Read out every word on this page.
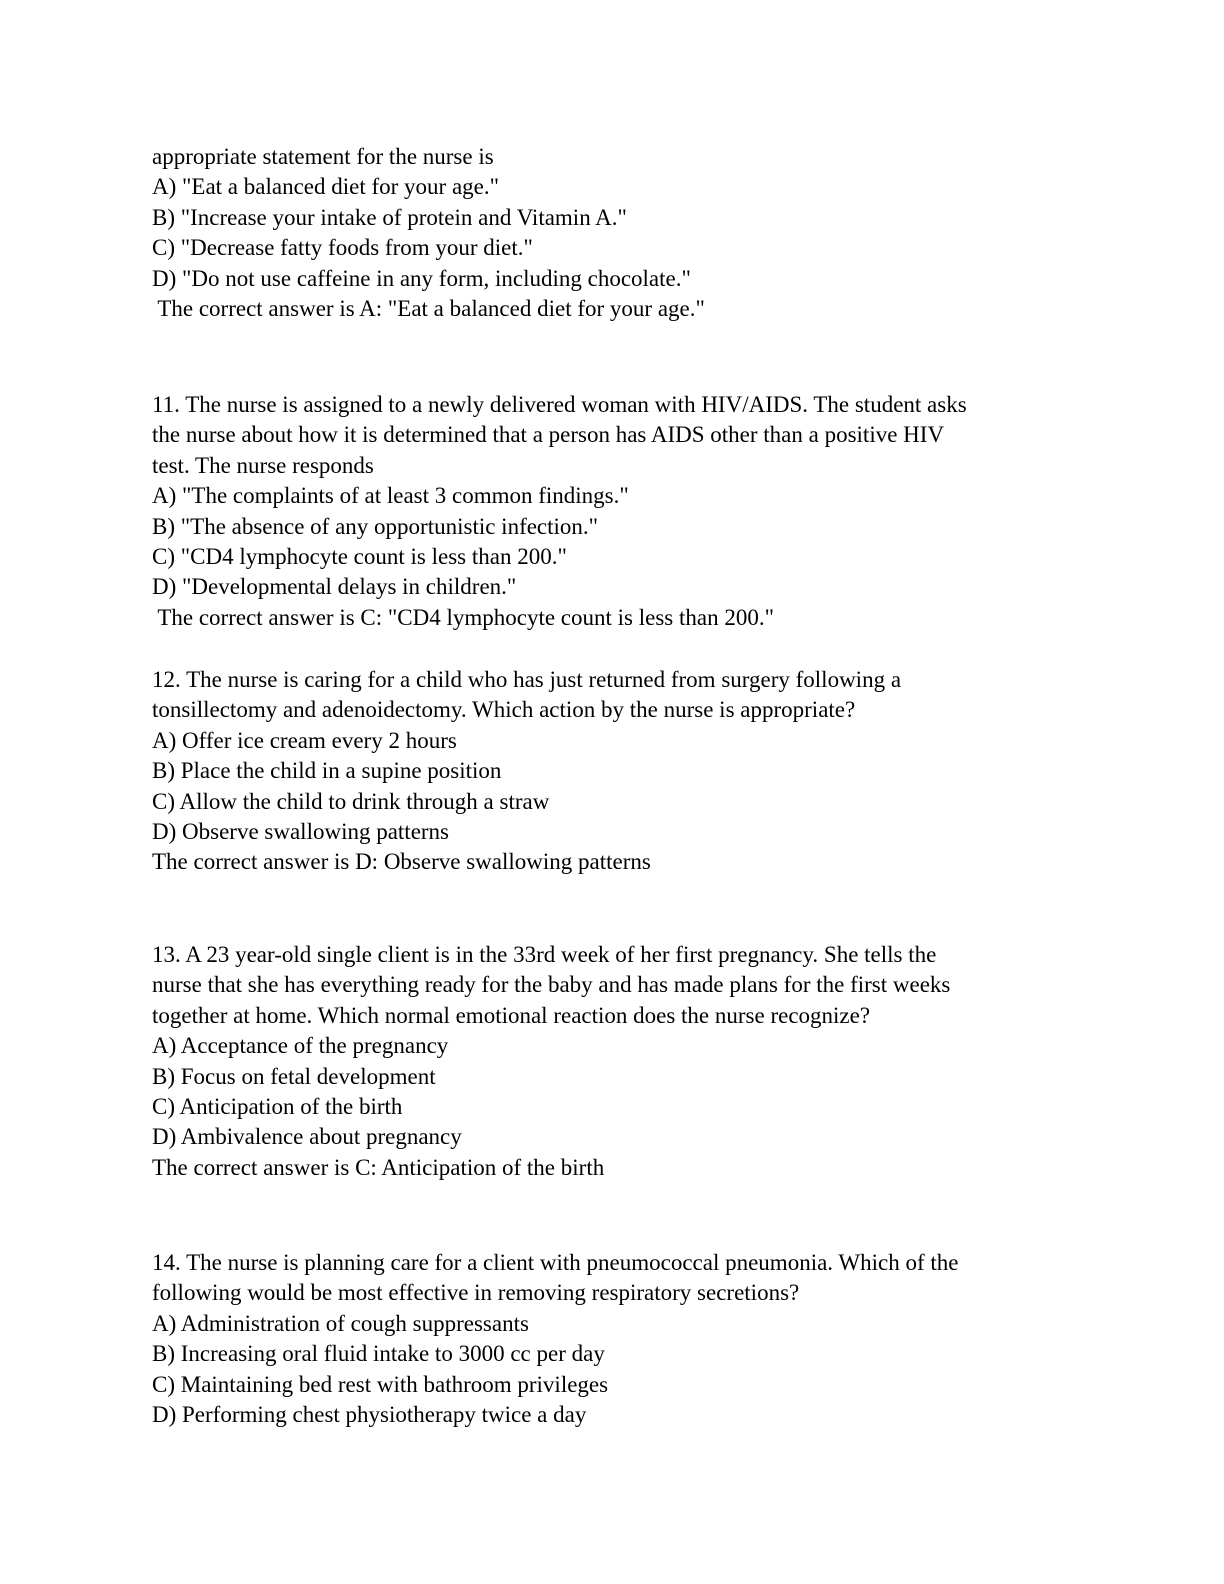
appropriate statement for the nurse is
A) "Eat a balanced diet for your age."
B) "Increase your intake of protein and Vitamin A."
C) "Decrease fatty foods from your diet."
D) "Do not use caffeine in any form, including chocolate."
The correct answer is A: "Eat a balanced diet for your age."
11. The nurse is assigned to a newly delivered woman with HIV/AIDS. The student asks
the nurse about how it is determined that a person has AIDS other than a positive HIV
test. The nurse responds
A) "The complaints of at least 3 common findings."
B) "The absence of any opportunistic infection."
C) "CD4 lymphocyte count is less than 200."
D) "Developmental delays in children."
The correct answer is C: "CD4 lymphocyte count is less than 200."
12. The nurse is caring for a child who has just returned from surgery following a
tonsillectomy and adenoidectomy. Which action by the nurse is appropriate?
A) Offer ice cream every 2 hours
B) Place the child in a supine position
C) Allow the child to drink through a straw
D) Observe swallowing patterns
The correct answer is D: Observe swallowing patterns
13. A 23 year-old single client is in the 33rd week of her first pregnancy. She tells the
nurse that she has everything ready for the baby and has made plans for the first weeks
together at home. Which normal emotional reaction does the nurse recognize?
A) Acceptance of the pregnancy
B) Focus on fetal development
C) Anticipation of the birth
D) Ambivalence about pregnancy
The correct answer is C: Anticipation of the birth
14. The nurse is planning care for a client with pneumococcal pneumonia. Which of the
following would be most effective in removing respiratory secretions?
A) Administration of cough suppressants
B) Increasing oral fluid intake to 3000 cc per day
C) Maintaining bed rest with bathroom privileges
D) Performing chest physiotherapy twice a day
